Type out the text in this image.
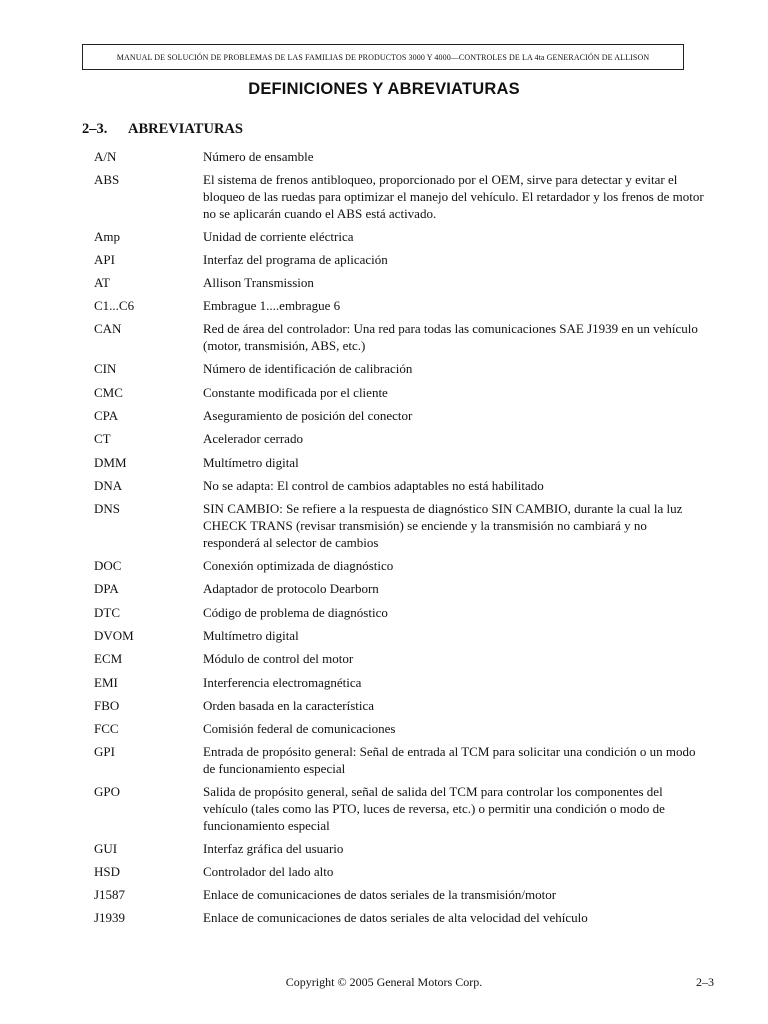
MANUAL DE SOLUCIÓN DE PROBLEMAS DE LAS FAMILIAS DE PRODUCTOS 3000 Y 4000—CONTROLES DE LA 4ta GENERACIÓN DE ALLISON
DEFINICIONES Y ABREVIATURAS
2–3. ABREVIATURAS
A/N	Número de ensamble
ABS	El sistema de frenos antibloqueo, proporcionado por el OEM, sirve para detectar y evitar el bloqueo de las ruedas para optimizar el manejo del vehículo. El retardador y los frenos de motor no se aplicarán cuando el ABS está activado.
Amp	Unidad de corriente eléctrica
API	Interfaz del programa de aplicación
AT	Allison Transmission
C1...C6	Embrague 1....embrague 6
CAN	Red de área del controlador: Una red para todas las comunicaciones SAE J1939 en un vehículo (motor, transmisión, ABS, etc.)
CIN	Número de identificación de calibración
CMC	Constante modificada por el cliente
CPA	Aseguramiento de posición del conector
CT	Acelerador cerrado
DMM	Multímetro digital
DNA	No se adapta: El control de cambios adaptables no está habilitado
DNS	SIN CAMBIO: Se refiere a la respuesta de diagnóstico SIN CAMBIO, durante la cual la luz CHECK TRANS (revisar transmisión) se enciende y la transmisión no cambiará y no responderá al selector de cambios
DOC	Conexión optimizada de diagnóstico
DPA	Adaptador de protocolo Dearborn
DTC	Código de problema de diagnóstico
DVOM	Multímetro digital
ECM	Módulo de control del motor
EMI	Interferencia electromagnética
FBO	Orden basada en la característica
FCC	Comisión federal de comunicaciones
GPI	Entrada de propósito general: Señal de entrada al TCM para solicitar una condición o un modo de funcionamiento especial
GPO	Salida de propósito general, señal de salida del TCM para controlar los componentes del vehículo (tales como las PTO, luces de reversa, etc.) o permitir una condición o modo de funcionamiento especial
GUI	Interfaz gráfica del usuario
HSD	Controlador del lado alto
J1587	Enlace de comunicaciones de datos seriales de la transmisión/motor
J1939	Enlace de comunicaciones de datos seriales de alta velocidad del vehículo
Copyright © 2005 General Motors Corp.	2–3
